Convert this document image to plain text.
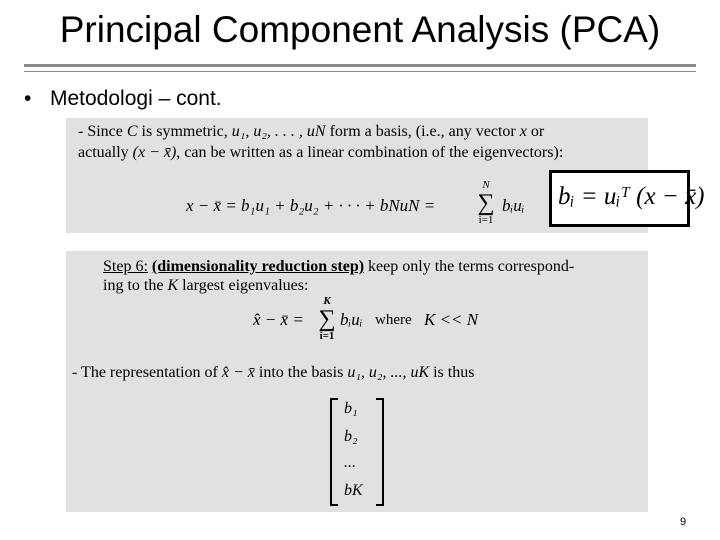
Principal Component Analysis (PCA)
• Metodologi – cont.
- Since C is symmetric, u₁, u₂, . . . , uN form a basis, (i.e., any vector x or
actually (x − x̄), can be written as a linear combination of the eigenvectors):
x − x̄ = b₁u₁ + b₂u₂ + · · · + bNuN =
N
∑
i=1
bᵢuᵢ bᵢ = uᵢᵀ (x − x̄)
Step 6: (dimensionality reduction step) keep only the terms correspond-
ing to the K largest eigenvalues:
x̂ − x̄ =
K
∑
i=1
bᵢuᵢ where K << N
- The representation of x̂ − x̄ into the basis u₁, u₂, ..., uK is thus
b₁
b₂
...
bK
9
